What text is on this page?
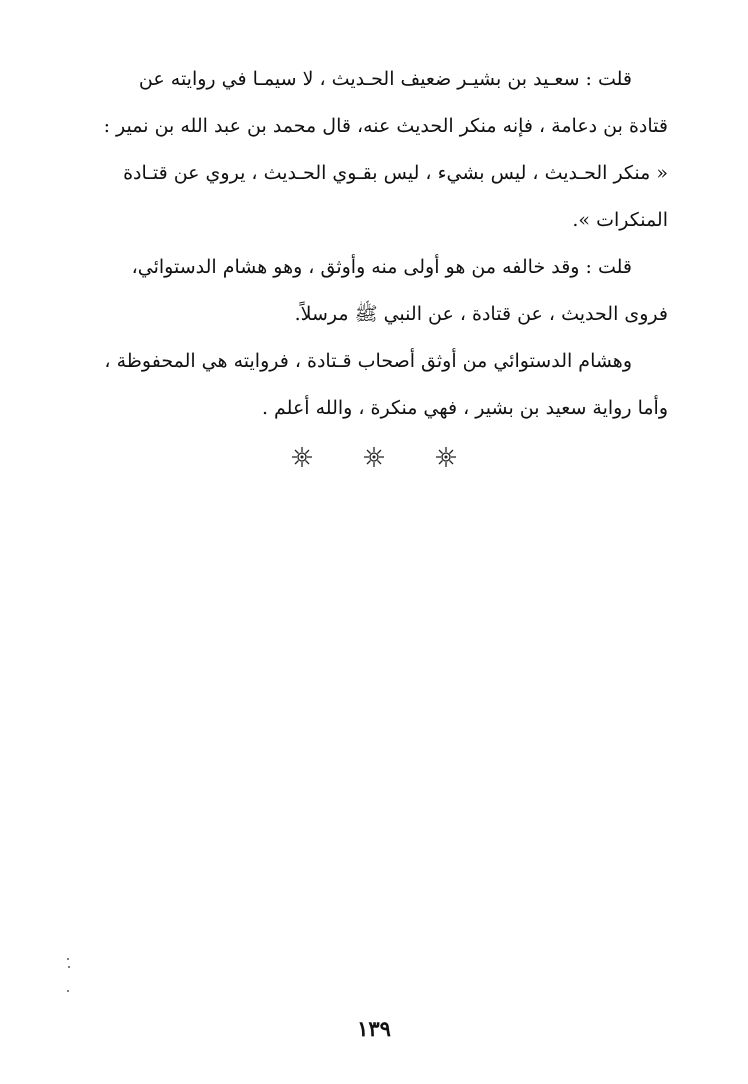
قلت : سعـيد بن بشيـر ضعيف الحـديث ، لا سيمـا في روايته عن
قتادة بن دعامة ، فإنه منكر الحديث عنه، قال محمد بن عبد الله بن نمير :
« منكر الحـديث ، ليس بشيء ، ليس بقـوي الحـديث ، يروي عن قتـادة
المنكرات ».

قلت : وقد خالفه من هو أولى منه وأوثق ، وهو هشام الدستوائي،
فروى الحديث ، عن قتادة ، عن النبي ﷺ مرسلاً.

وهشام الدستوائي من أوثق أصحاب قـتادة ، فروايته هي المحفوظة ،
وأما رواية سعيد بن بشير ، فهي منكرة ، والله أعلم .

١٣٩
